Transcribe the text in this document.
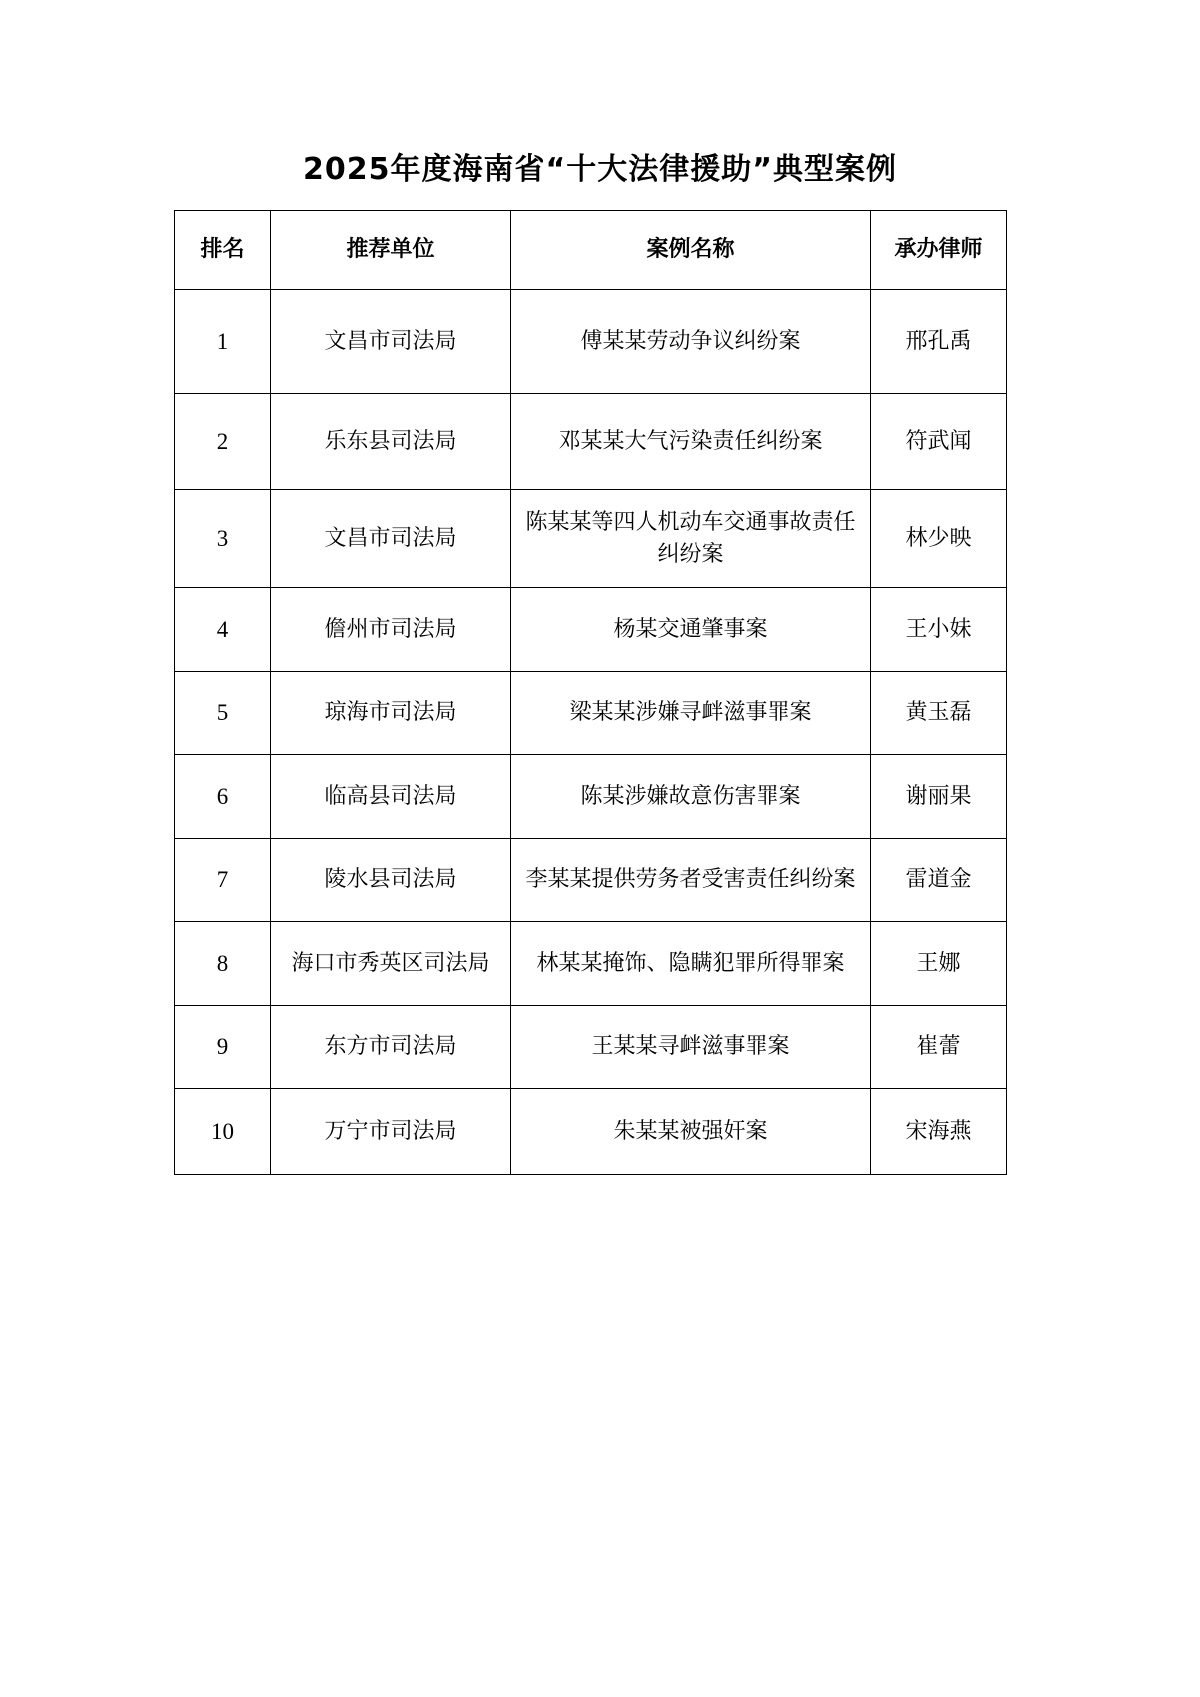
2025年度海南省“十大法律援助”典型案例
排名	推荐单位	案例名称	承办律师
1	文昌市司法局	傅某某劳动争议纠纷案	邢孔禹
2	乐东县司法局	邓某某大气污染责任纠纷案	符武闻
3	文昌市司法局	陈某某等四人机动车交通事故责任纠纷案	林少映
4	儋州市司法局	杨某交通肇事案	王小妹
5	琼海市司法局	梁某某涉嫌寻衅滋事罪案	黄玉磊
6	临高县司法局	陈某涉嫌故意伤害罪案	谢丽果
7	陵水县司法局	李某某提供劳务者受害责任纠纷案	雷道金
8	海口市秀英区司法局	林某某掩饰、隐瞒犯罪所得罪案	王娜
9	东方市司法局	王某某寻衅滋事罪案	崔蕾
10	万宁市司法局	朱某某被强奸案	宋海燕
